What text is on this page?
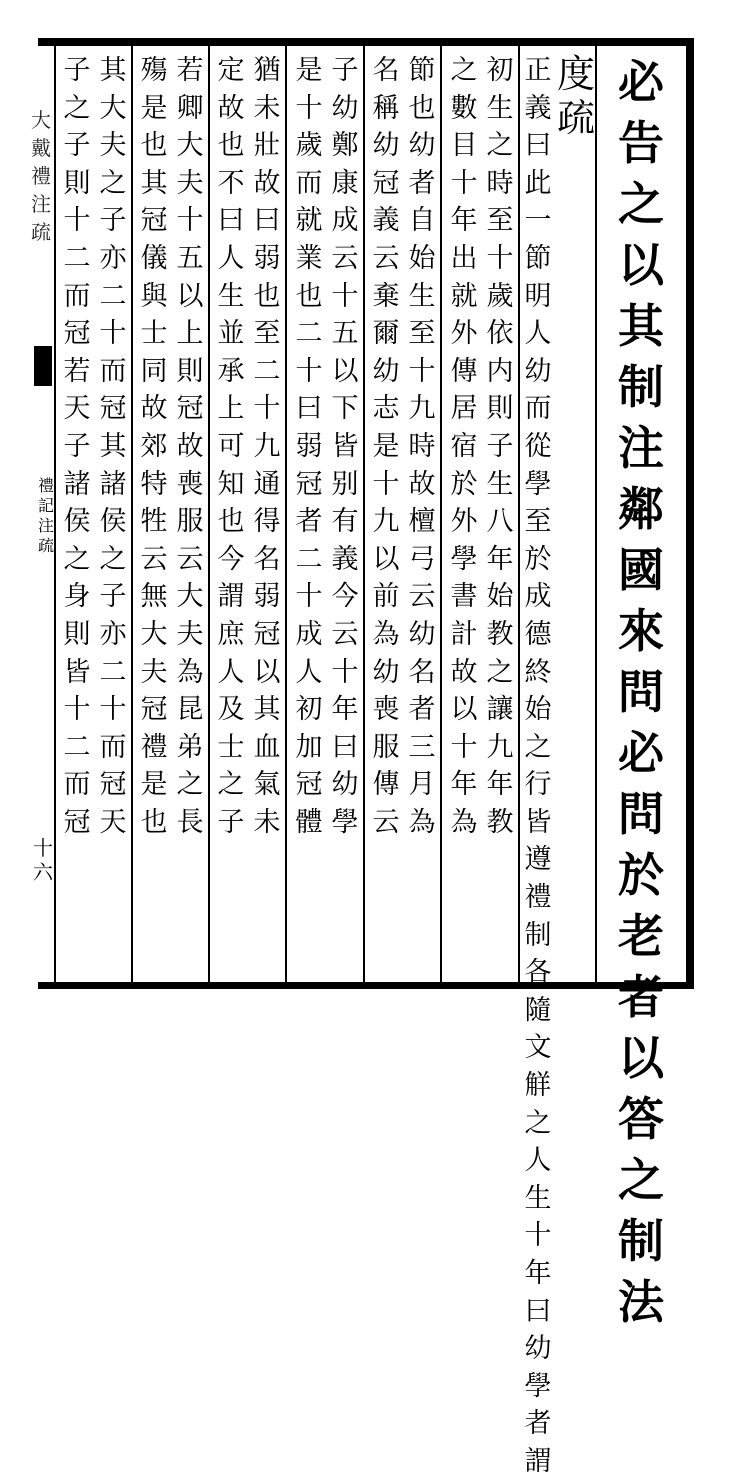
大
戴
禮
注
疏
禮
記
注
疏
十六
必
告
之
以
其
制
注
鄰
國
來
問
必
問
於
老
者
以
答
之
制
法
度
疏
正
義
曰
此
一
節
明
人
幼
而
從
學
至
於
成
德
終
始
之
行
皆
遵
禮
制
各
隨
文
觧
之
人
生
十
年
曰
幼
學
者
謂
初
生
之
時
至
十
歲
依
内
則
子
生
八
年
始
教
之
讓
九
年
教
之
數
目
十
年
出
就
外
傳
居
宿
於
外
學
書
計
故
以
十
年
為
節
也
幼
者
自
始
生
至
十
九
時
故
檀
弓
云
幼
名
者
三
月
為
名
稱
幼
冠
義
云
棄
爾
幼
志
是
十
九
以
前
為
幼
喪
服
傳
云
子
幼
鄭
康
成
云
十
五
以
下
皆
别
有
義
今
云
十
年
曰
幼
學
是
十
歲
而
就
業
也
二
十
曰
弱
冠
者
二
十
成
人
初
加
冠
體
猶
未
壯
故
曰
弱
也
至
二
十
九
通
得
名
弱
冠
以
其
血
氣
未
定
故
也
不
曰
人
生
並
承
上
可
知
也
今
謂
庶
人
及
士
之
子
若
卿
大
夫
十
五
以
上
則
冠
故
喪
服
云
大
夫
為
昆
弟
之
長
殤
是
也
其
冠
儀
與
士
同
故
郊
特
牲
云
無
大
夫
冠
禮
是
也
其
大
夫
之
子
亦
二
十
而
冠
其
諸
侯
之
子
亦
二
十
而
冠
天
子
之
子
則
十
二
而
冠
若
天
子
諸
侯
之
身
則
皆
十
二
而
冠
